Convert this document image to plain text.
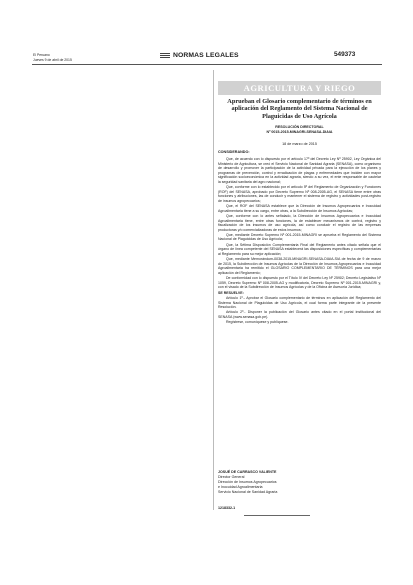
El Peruano
Jueves 9 de abril de 2015
NORMAS LEGALES	549373
AGRICULTURA Y RIEGO
Aprueban el Glosario complementario de términos en aplicación del Reglamento del Sistema Nacional de Plaguicidas de Uso Agrícola
RESOLUCIÓN DIRECTORAL
Nº 0015-2015-MINAGRI-SENASA-DIAIA
18 de marzo de 2015
CONSIDERANDO:

Que, de acuerdo con lo dispuesto por el artículo 17º del Decreto Ley Nº 25902, Ley Orgánica del Ministerio de Agricultura, se creó el Servicio Nacional de Sanidad Agraria (SENASA), como organismo de desarrollo y promover la participación de la actividad privada para la ejecución de los planes y programas de prevención, control y erradicación de plagas y enfermedades que inciden con mayor significación socioeconómica en la actividad agraria, siendo a su vez, el ente responsable de cautelar la seguridad sanitaria del agro nacional;

Que, conforme con lo establecido por el artículo 5º del Reglamento de Organización y Funciones (ROF) del SENASA, aprobado por Decreto Supremo Nº 008-2005-AG, el SENASA tiene entre otras funciones y atribuciones, las de conducir y mantener el sistema de registro y actividades post-registro de insumos agropecuarios;

Que, el ROF del SENASA establece que la Dirección de Insumos Agropecuarios e Inocuidad Agroalimentaria tiene a su cargo, entre otras, a la Subdirección de Insumos Agrícolas;

Que, conforme con lo antes señalado, la Dirección de Insumos Agropecuarios e Inocuidad Agroalimentaria tiene, entre otras funciones, la de establecer mecanismos de control, registro y fiscalización de los insumos de uso agrícola, así como conducir el registro de las empresas productoras y/o comercializadoras de estos insumos;

Que, mediante Decreto Supremo Nº 001-2015-MINAGRI se aprueba el Reglamento del Sistema Nacional de Plaguicidas de Uso Agrícola;

Que, la Sétima Disposición Complementaria Final del Reglamento antes citado señala que el órgano de línea competente del SENASA establecerá las disposiciones específicas y complementarias al Reglamento para su mejor aplicación;

Que, mediante Memorándum-0038-2015-MINAGRI-SENASA-DIAIA-SIA de fecha de 9 de marzo de 2015, la Subdirección de Insumos Agrícolas de la Dirección de Insumos Agropecuarios e Inocuidad Agroalimentaria ha remitido el GLOSARIO COMPLEMENTARIO DE TÉRMINOS para una mejor aplicación del Reglamento;

De conformidad con lo dispuesto por el Título IV del Decreto Ley Nº 25902; Decreto Legislativo Nº 1059, Decreto Supremo Nº 008-2005-AG y modificatoria, Decreto Supremo Nº 001-2015-MINAGRI y, con el visado de la Subdirección de Insumos Agrícolas y de la Oficina de Asesoría Jurídica;

SE RESUELVE:

Artículo 1º.- Aprobar el Glosario complementario de términos en aplicación del Reglamento del Sistema Nacional de Plaguicidas de Uso Agrícola, el cual forma parte integrante de la presente Resolución.

Artículo 2º.- Disponer la publicación del Glosario antes citado en el portal institucional del SENASA (www.senasa.gob.pe).

Regístrese, comuníquese y publíquese.

JOSUÉ DE CARRASCO VALIENTE
Director General
Dirección de Insumos Agropecuarios
e Inocuidad Agroalimentaria
Servicio Nacional de Sanidad Agraria
1218332-1
